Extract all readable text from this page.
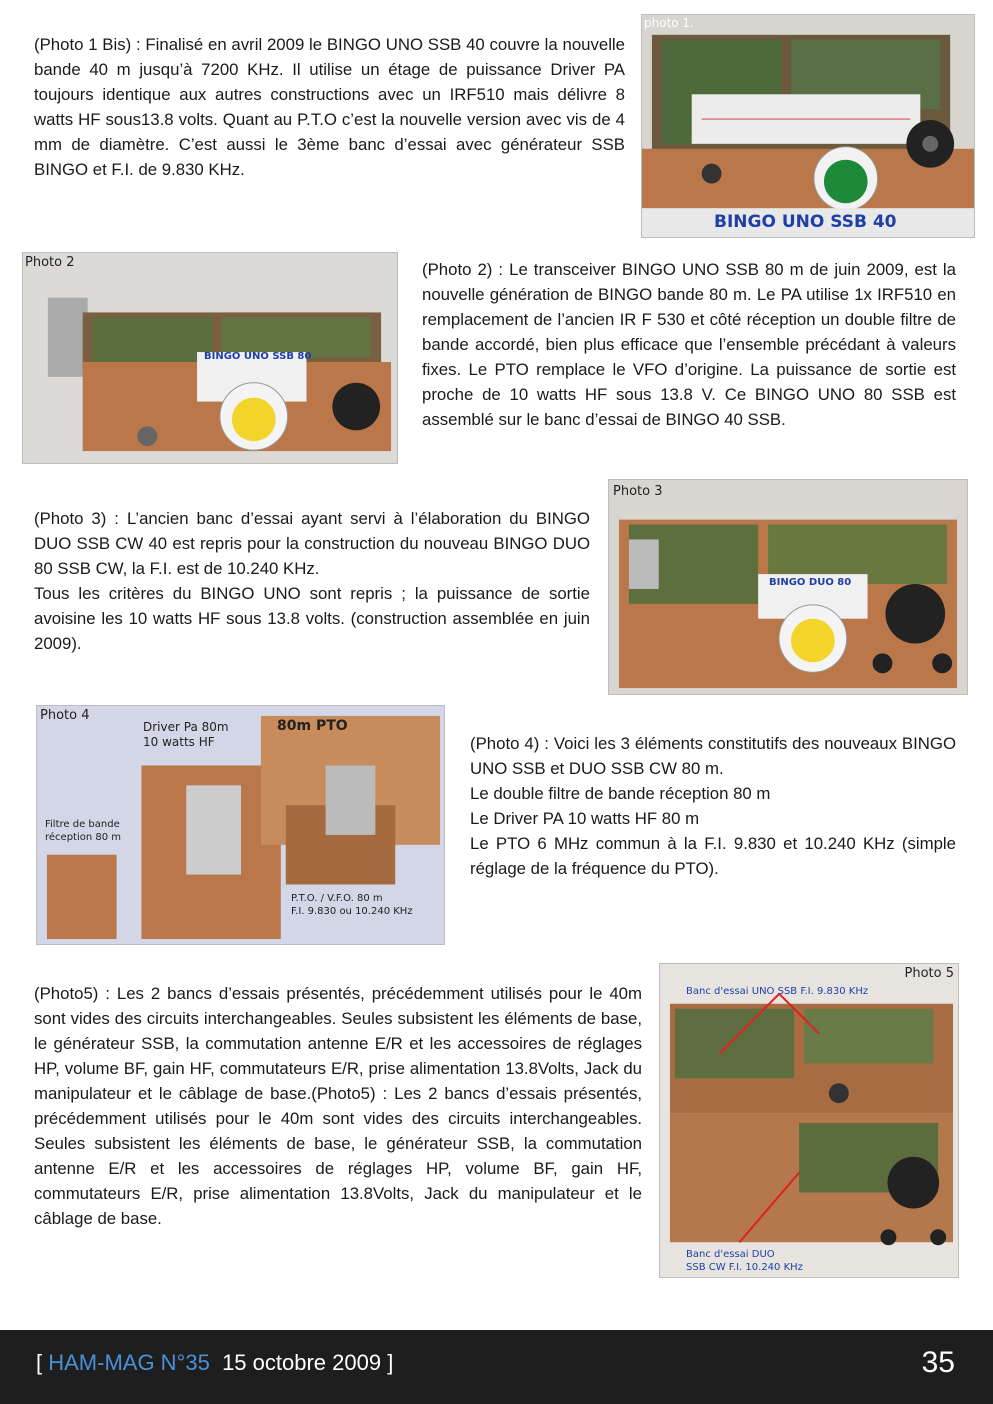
(Photo 1 Bis) : Finalisé en avril 2009 le BINGO UNO SSB 40 couvre la nouvelle bande 40 m jusqu’à 7200 KHz. Il utilise un étage de puissance Driver PA toujours identique aux autres constructions avec un IRF510 mais délivre 8 watts HF sous13.8 volts. Quant au P.T.O c’est la nouvelle version avec vis de 4 mm de diamètre. C’est aussi le 3ème banc d’essai avec générateur SSB BINGO et F.I. de 9.830 KHz.
photo 1.
BINGO UNO SSB 40
Photo 2
BINGO UNO SSB 80
(Photo 2) : Le transceiver BINGO UNO SSB 80 m de juin 2009, est la nouvelle génération de BINGO bande 80 m. Le PA utilise 1x IRF510 en remplacement de l’ancien IR F 530 et côté réception un double filtre de bande accordé, bien plus efficace que l’ensemble précédant à valeurs fixes. Le PTO remplace le VFO d’origine. La puissance de sortie est proche de 10 watts HF sous 13.8 V. Ce BINGO UNO 80 SSB est assemblé sur le banc d’essai de BINGO 40 SSB.
(Photo 3) : L’ancien banc d’essai ayant servi à l’élaboration du BINGO DUO SSB CW 40 est repris pour la construction du nouveau BINGO DUO 80 SSB CW, la F.I. est de 10.240 KHz.
Tous les critères du BINGO UNO sont repris ; la puissance de sortie avoisine les 10 watts HF sous 13.8 volts. (construction assemblée en juin 2009).
Photo 3
BINGO DUO 80
Photo 4
Driver Pa 80m
10 watts HF
Filtre de bande
réception 80 m
80m PTO
P.T.O. / V.F.O. 80 m
F.I. 9.830 ou 10.240 KHz
(Photo 4) : Voici les 3 éléments constitutifs des nouveaux BINGO UNO SSB et DUO SSB CW 80 m.
Le double filtre de bande réception 80 m
Le Driver PA 10 watts HF 80 m
Le PTO 6 MHz commun à la F.I. 9.830 et 10.240 KHz (simple réglage de la fréquence du PTO).
(Photo5) : Les 2 bancs d’essais présentés, précédemment utilisés pour le 40m sont vides des circuits interchangeables. Seules subsistent les éléments de base, le générateur SSB, la commutation antenne E/R et les accessoires de réglages HP, volume BF, gain HF, commutateurs E/R, prise alimentation 13.8Volts, Jack du manipulateur et le câblage de base.(Photo5) : Les 2 bancs d’essais présentés, précédemment utilisés pour le 40m sont vides des circuits interchangeables. Seules subsistent les éléments de base, le générateur SSB, la commutation antenne E/R et les accessoires de réglages HP, volume BF, gain HF, commutateurs E/R, prise alimentation 13.8Volts, Jack du manipulateur et le câblage de base.
Photo 5
Banc d'essai UNO SSB F.I. 9.830 KHz
Banc d'essai DUO
SSB CW F.I. 10.240 KHz
[ HAM-MAG N°35  15 octobre 2009 ]	35
